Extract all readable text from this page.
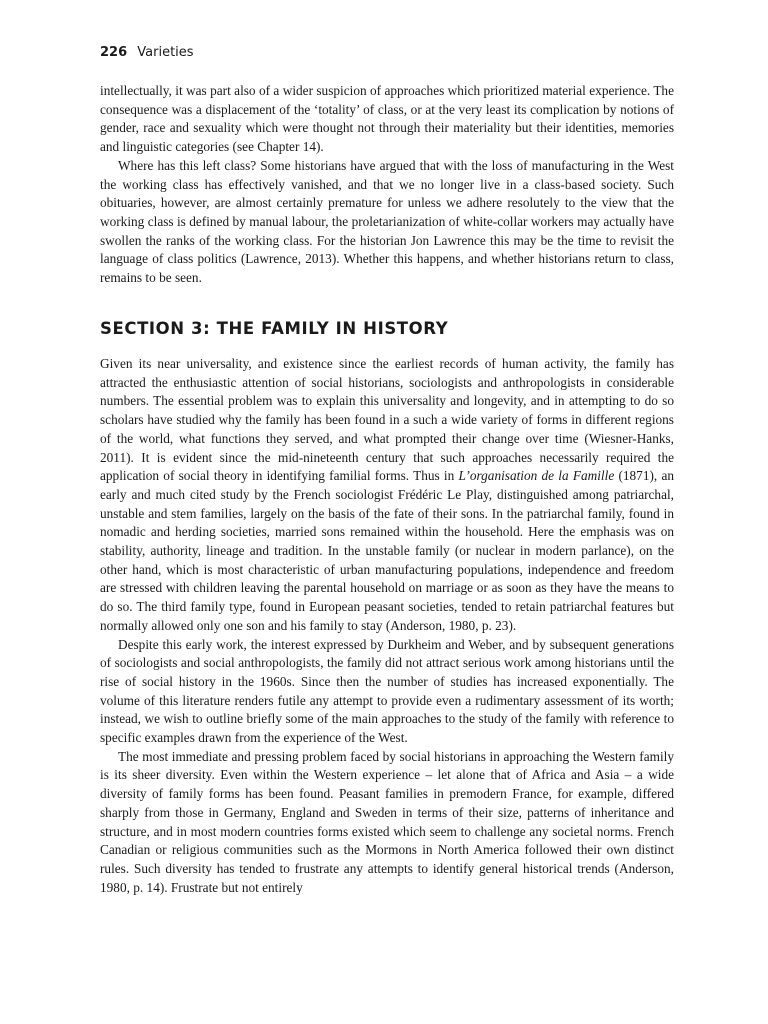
226 Varieties

intellectually, it was part also of a wider suspicion of approaches which prioritized material experience. The consequence was a displacement of the ‘totality’ of class, or at the very least its complication by notions of gender, race and sexuality which were thought not through their materiality but their identities, memories and linguistic categories (see Chapter 14).

Where has this left class? Some historians have argued that with the loss of manufacturing in the West the working class has effectively vanished, and that we no longer live in a class-based society. Such obituaries, however, are almost certainly premature for unless we adhere resolutely to the view that the working class is defined by manual labour, the proletarianization of white-collar workers may actually have swollen the ranks of the working class. For the historian Jon Lawrence this may be the time to revisit the language of class politics (Lawrence, 2013). Whether this happens, and whether historians return to class, remains to be seen.

SECTION 3: THE FAMILY IN HISTORY

Given its near universality, and existence since the earliest records of human activity, the family has attracted the enthusiastic attention of social historians, sociologists and anthropologists in considerable numbers. The essential problem was to explain this universality and longevity, and in attempting to do so scholars have studied why the family has been found in a such a wide variety of forms in different regions of the world, what functions they served, and what prompted their change over time (Wiesner-Hanks, 2011). It is evident since the mid-nineteenth century that such approaches necessarily required the application of social theory in identifying familial forms. Thus in L’organisation de la Famille (1871), an early and much cited study by the French sociologist Frédéric Le Play, distinguished among patriarchal, unstable and stem families, largely on the basis of the fate of their sons. In the patriarchal family, found in nomadic and herding societies, married sons remained within the household. Here the emphasis was on stability, authority, lineage and tradition. In the unstable family (or nuclear in modern parlance), on the other hand, which is most characteristic of urban manufacturing populations, independence and freedom are stressed with children leaving the parental household on marriage or as soon as they have the means to do so. The third family type, found in European peasant societies, tended to retain patriarchal features but normally allowed only one son and his family to stay (Anderson, 1980, p. 23).

Despite this early work, the interest expressed by Durkheim and Weber, and by subsequent generations of sociologists and social anthropologists, the family did not attract serious work among historians until the rise of social history in the 1960s. Since then the number of studies has increased exponentially. The volume of this literature renders futile any attempt to provide even a rudimentary assessment of its worth; instead, we wish to outline briefly some of the main approaches to the study of the family with reference to specific examples drawn from the experience of the West.

The most immediate and pressing problem faced by social historians in approaching the Western family is its sheer diversity. Even within the Western experience – let alone that of Africa and Asia – a wide diversity of family forms has been found. Peasant families in premodern France, for example, differed sharply from those in Germany, England and Sweden in terms of their size, patterns of inheritance and structure, and in most modern countries forms existed which seem to challenge any societal norms. French Canadian or religious communities such as the Mormons in North America followed their own distinct rules. Such diversity has tended to frustrate any attempts to identify general historical trends (Anderson, 1980, p. 14). Frustrate but not entirely
